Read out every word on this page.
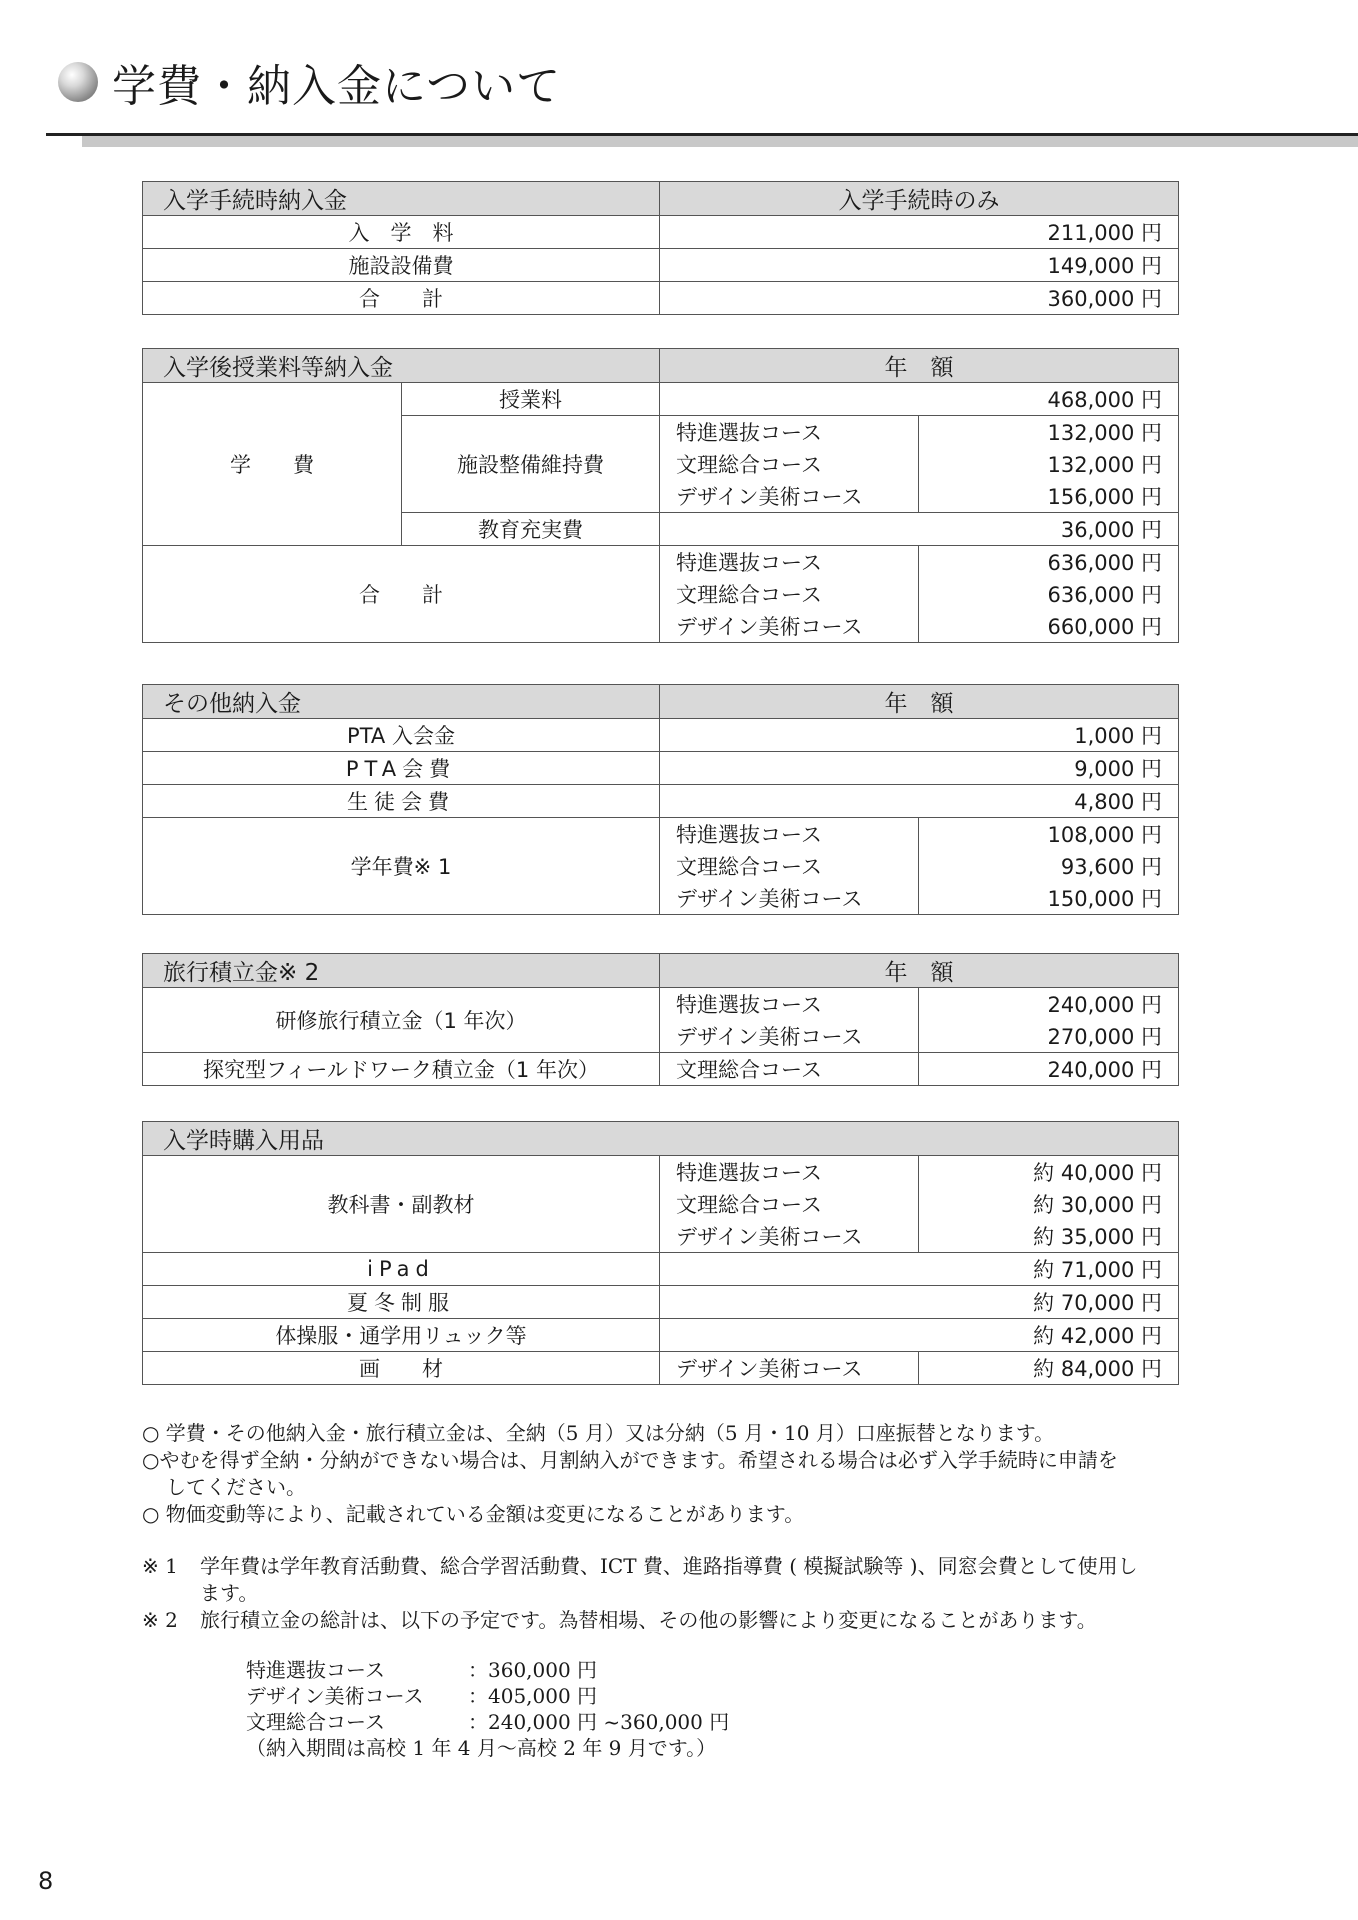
学費・納入金について
入学手続時納入金	入学手続時のみ
入　学　料	211,000 円
施設設備費	149,000 円
合　　計	360,000 円
入学後授業料等納入金		年　額	
学　　費	授業料	468,000 円	
	施設整備維持費	特進選抜コース	132,000 円
		文理総合コース	132,000 円
		デザイン美術コース	156,000 円
	教育充実費	36,000 円	
合　　計		特進選抜コース	636,000 円
		文理総合コース	636,000 円
		デザイン美術コース	660,000 円
その他納入金	年　額	
PTA 入会金	1,000 円	
PTA会費	9,000 円	
生徒会費	4,800 円	
学年費※ 1	特進選抜コース	108,000 円
	文理総合コース	93,600 円
	デザイン美術コース	150,000 円
旅行積立金※ 2	年　額	
研修旅行積立金（1 年次）	特進選抜コース	240,000 円
	デザイン美術コース	270,000 円
探究型フィールドワーク積立金（1 年次）	文理総合コース	240,000 円
入学時購入用品		
教科書・副教材	特進選抜コース	約 40,000 円
	文理総合コース	約 30,000 円
	デザイン美術コース	約 35,000 円
iPad	約 71,000 円	
夏冬制服	約 70,000 円	
体操服・通学用リュック等	約 42,000 円	
画　　材	デザイン美術コース	約 84,000 円

○ 学費・その他納入金・旅行積立金は、全納（5 月）又は分納（5 月・10 月）口座振替となります。

○やむを得ず全納・分納ができない場合は、月割納入ができます。希望される場合は必ず入学手続時に申請を

してください。

○ 物価変動等により、記載されている金額は変更になることがあります。

※ 1	学年費は学年教育活動費、総合学習活動費、ICT 費、進路指導費 ( 模擬試験等 )、同窓会費として使用し
ます。
※ 2	旅行積立金の総計は、以下の予定です。為替相場、その他の影響により変更になることがあります。
特進選抜コース	：360,000 円
デザイン美術コース	：405,000 円
文理総合コース	：240,000 円 ~360,000 円
（納入期間は高校 1 年 4 月～高校 2 年 9 月です。）
8
